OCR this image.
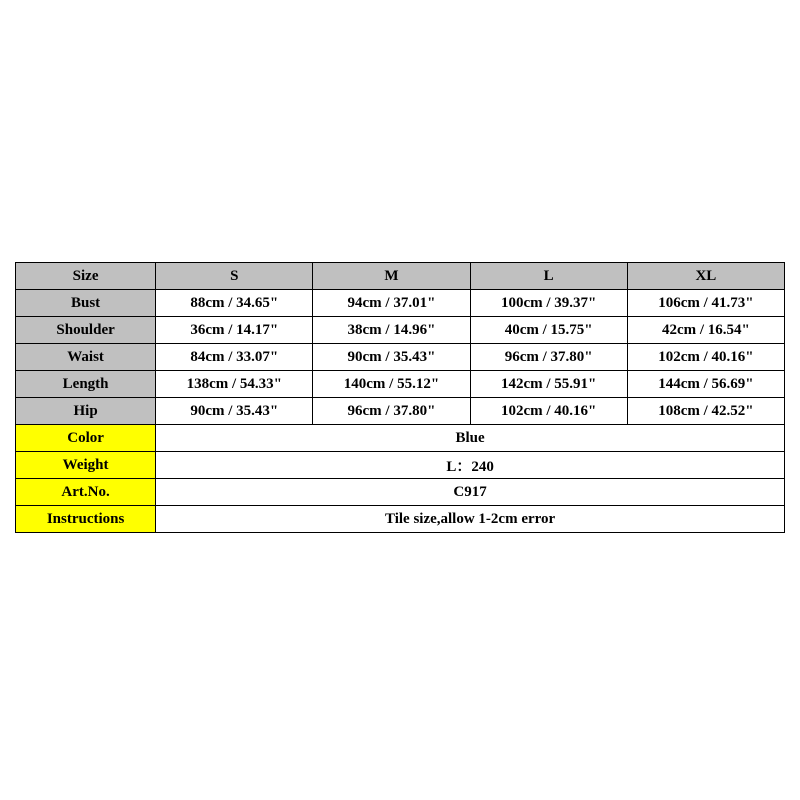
Size	S	M	L	XL
Bust	88cm / 34.65"	94cm / 37.01"	100cm / 39.37"	106cm / 41.73"
Shoulder	36cm / 14.17"	38cm / 14.96"	40cm / 15.75"	42cm / 16.54"
Waist	84cm / 33.07"	90cm / 35.43"	96cm / 37.80"	102cm / 40.16"
Length	138cm / 54.33"	140cm / 55.12"	142cm / 55.91"	144cm / 56.69"
Hip	90cm / 35.43"	96cm / 37.80"	102cm / 40.16"	108cm / 42.52"
Color	Blue			
Weight	L：240			
Art.No.	C917			
Instructions	Tile size,allow 1-2cm error			
